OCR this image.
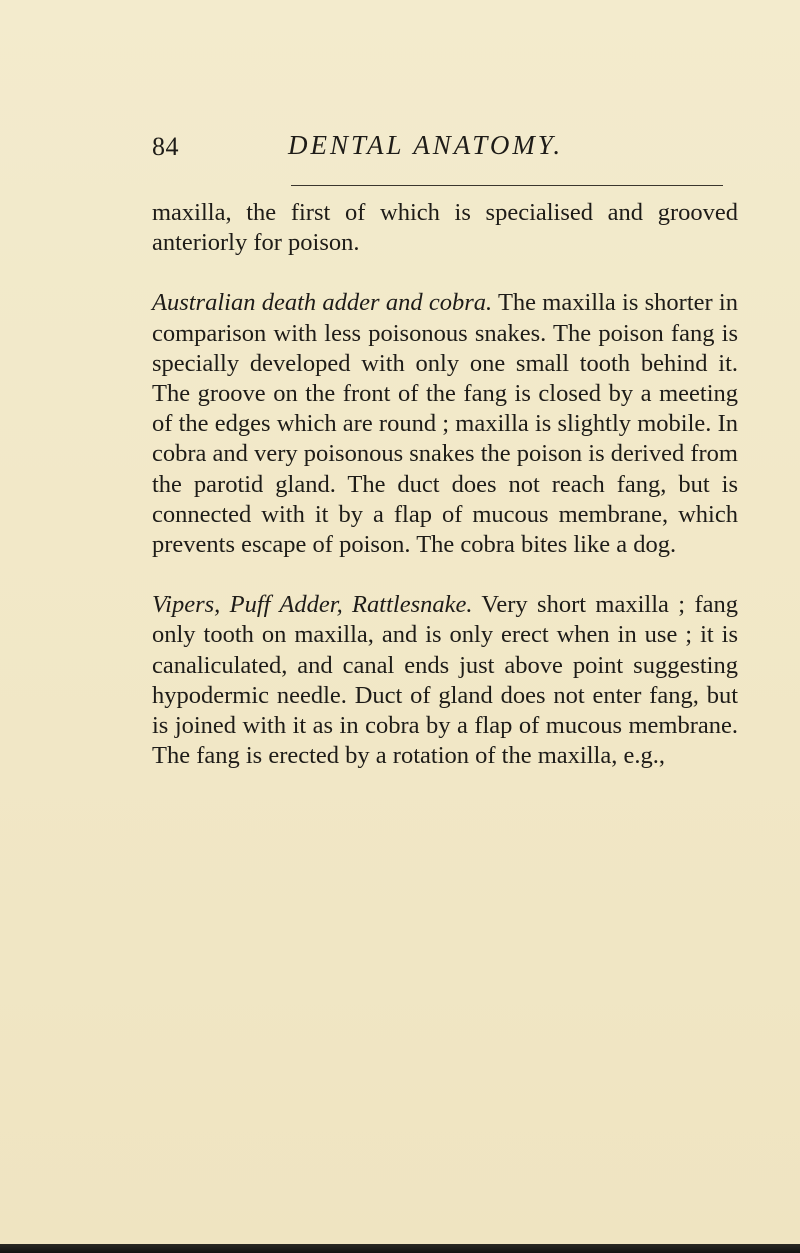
84	DENTAL ANATOMY.

maxilla, the first of which is specialised and grooved anteriorly for poison.

Australian death adder and cobra. The maxilla is shorter in comparison with less poisonous snakes. The poison fang is specially developed with only one small tooth behind it. The groove on the front of the fang is closed by a meeting of the edges which are round ; maxilla is slightly mobile. In cobra and very poisonous snakes the poison is derived from the parotid gland. The duct does not reach fang, but is connected with it by a flap of mucous membrane, which prevents escape of poison. The cobra bites like a dog.

Vipers, Puff Adder, Rattlesnake. Very short maxilla ; fang only tooth on maxilla, and is only erect when in use ; it is canaliculated, and canal ends just above point suggesting hypodermic needle. Duct of gland does not enter fang, but is joined with it as in cobra by a flap of mucous membrane. The fang is erected by a rotation of the maxilla, e.g.,
